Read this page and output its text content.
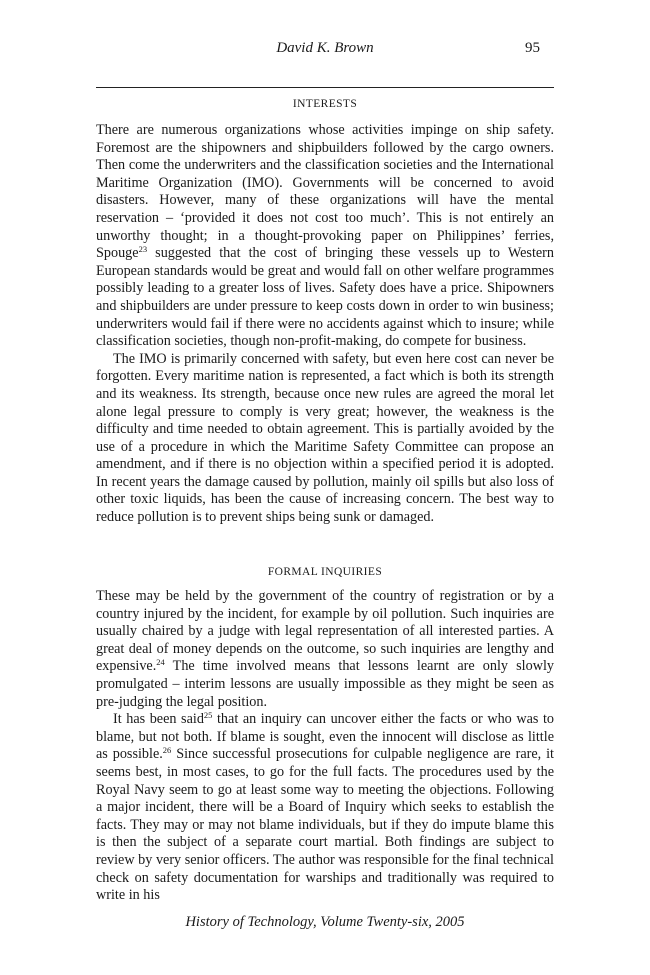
David K. Brown	95
INTERESTS

There are numerous organizations whose activities impinge on ship safety. Foremost are the shipowners and shipbuilders followed by the cargo owners. Then come the underwriters and the classification societies and the International Maritime Organization (IMO). Governments will be concerned to avoid disasters. However, many of these organizations will have the mental reservation – ‘provided it does not cost too much’. This is not entirely an unworthy thought; in a thought-provoking paper on Philippines’ ferries, Spouge$^{23}$ suggested that the cost of bringing these vessels up to Western European standards would be great and would fall on other welfare programmes possibly leading to a greater loss of lives. Safety does have a price. Shipowners and shipbuilders are under pressure to keep costs down in order to win business; underwriters would fail if there were no accidents against which to insure; while classification societies, though non-profit-making, do compete for business.

The IMO is primarily concerned with safety, but even here cost can never be forgotten. Every maritime nation is represented, a fact which is both its strength and its weakness. Its strength, because once new rules are agreed the moral let alone legal pressure to comply is very great; however, the weakness is the difficulty and time needed to obtain agreement. This is partially avoided by the use of a procedure in which the Maritime Safety Committee can propose an amendment, and if there is no objection within a specified period it is adopted. In recent years the damage caused by pollution, mainly oil spills but also loss of other toxic liquids, has been the cause of increasing concern. The best way to reduce pollution is to prevent ships being sunk or damaged.

FORMAL INQUIRIES

These may be held by the government of the country of registration or by a country injured by the incident, for example by oil pollution. Such inquiries are usually chaired by a judge with legal representation of all interested parties. A great deal of money depends on the outcome, so such inquiries are lengthy and expensive.$^{24}$ The time involved means that lessons learnt are only slowly promulgated – interim lessons are usually impossible as they might be seen as pre-judging the legal position.

It has been said$^{25}$ that an inquiry can uncover either the facts or who was to blame, but not both. If blame is sought, even the innocent will disclose as little as possible.$^{26}$ Since successful prosecutions for culpable negligence are rare, it seems best, in most cases, to go for the full facts. The procedures used by the Royal Navy seem to go at least some way to meeting the objections. Following a major incident, there will be a Board of Inquiry which seeks to establish the facts. They may or may not blame individuals, but if they do impute blame this is then the subject of a separate court martial. Both findings are subject to review by very senior officers. The author was responsible for the final technical check on safety documentation for warships and traditionally was required to write in his

History of Technology, Volume Twenty-six, 2005
